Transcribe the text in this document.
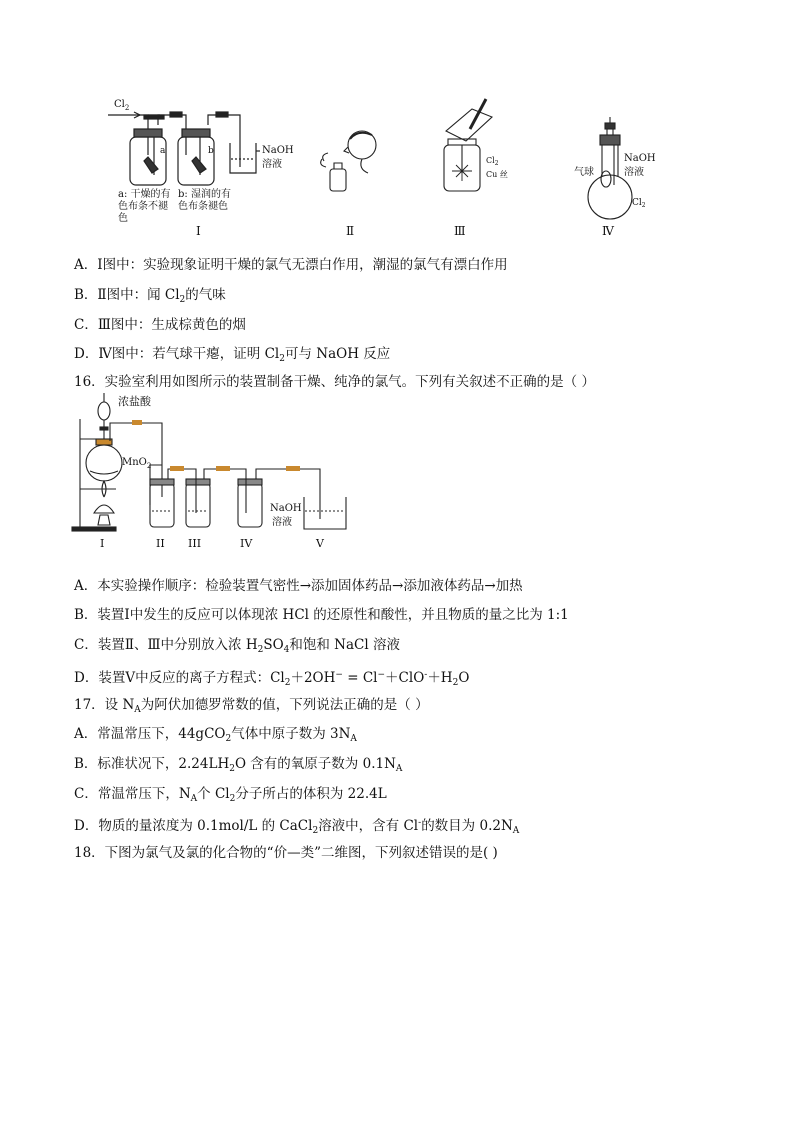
$Cl_2$
a	b	NaOH
溶液
a: 干燥的有
色布条不褪
色
b: 湿润的有
色布条褪色
Ⅰ	Ⅱ
$Cl_2$
Cu 丝
Ⅲ
气球
NaOH
溶液
$Cl_2$
Ⅳ
A．Ⅰ图中：实验现象证明干燥的氯气无漂白作用，潮湿的氯气有漂白作用
B．Ⅱ图中：闻 $Cl_2$的气味
C．Ⅲ图中：生成棕黄色的烟
D．Ⅳ图中：若气球干瘪，证明 $Cl_2$可与 NaOH 反应
16．实验室利用如图所示的装置制备干燥、纯净的氯气。下列有关叙述不正确的是（ ）
浓盐酸
MnO$_2$
NaOH
溶液
I	II III	IV	V
A．本实验操作顺序：检验装置气密性→添加固体药品→添加液体药品→加热
B．装置Ⅰ中发生的反应可以体现浓 HCl 的还原性和酸性，并且物质的量之比为 1:1
C．装置Ⅱ、Ⅲ中分别放入浓 $H_2SO_4$和饱和 NaCl 溶液
D．装置Ⅴ中反应的离子方程式：$Cl_2+2OH^- = Cl^-+ClO^-+H_2O$
17．设 $N_A$为阿伏加德罗常数的值，下列说法正确的是（ ）
A．常温常压下，44gCO$_2$气体中原子数为 $3N_A$
B．标准状况下，$2.24LH_2O$ 含有的氧原子数为 $0.1N_A$
C．常温常压下，$N_A$个 $Cl_2$分子所占的体积为 22.4L
D．物质的量浓度为 0.1mol/L 的 CaCl$_2$溶液中，含有 Cl-的数目为 $0.2N_A$
18．下图为氯气及氯的化合物的“价—类”二维图，下列叙述错误的是( )
